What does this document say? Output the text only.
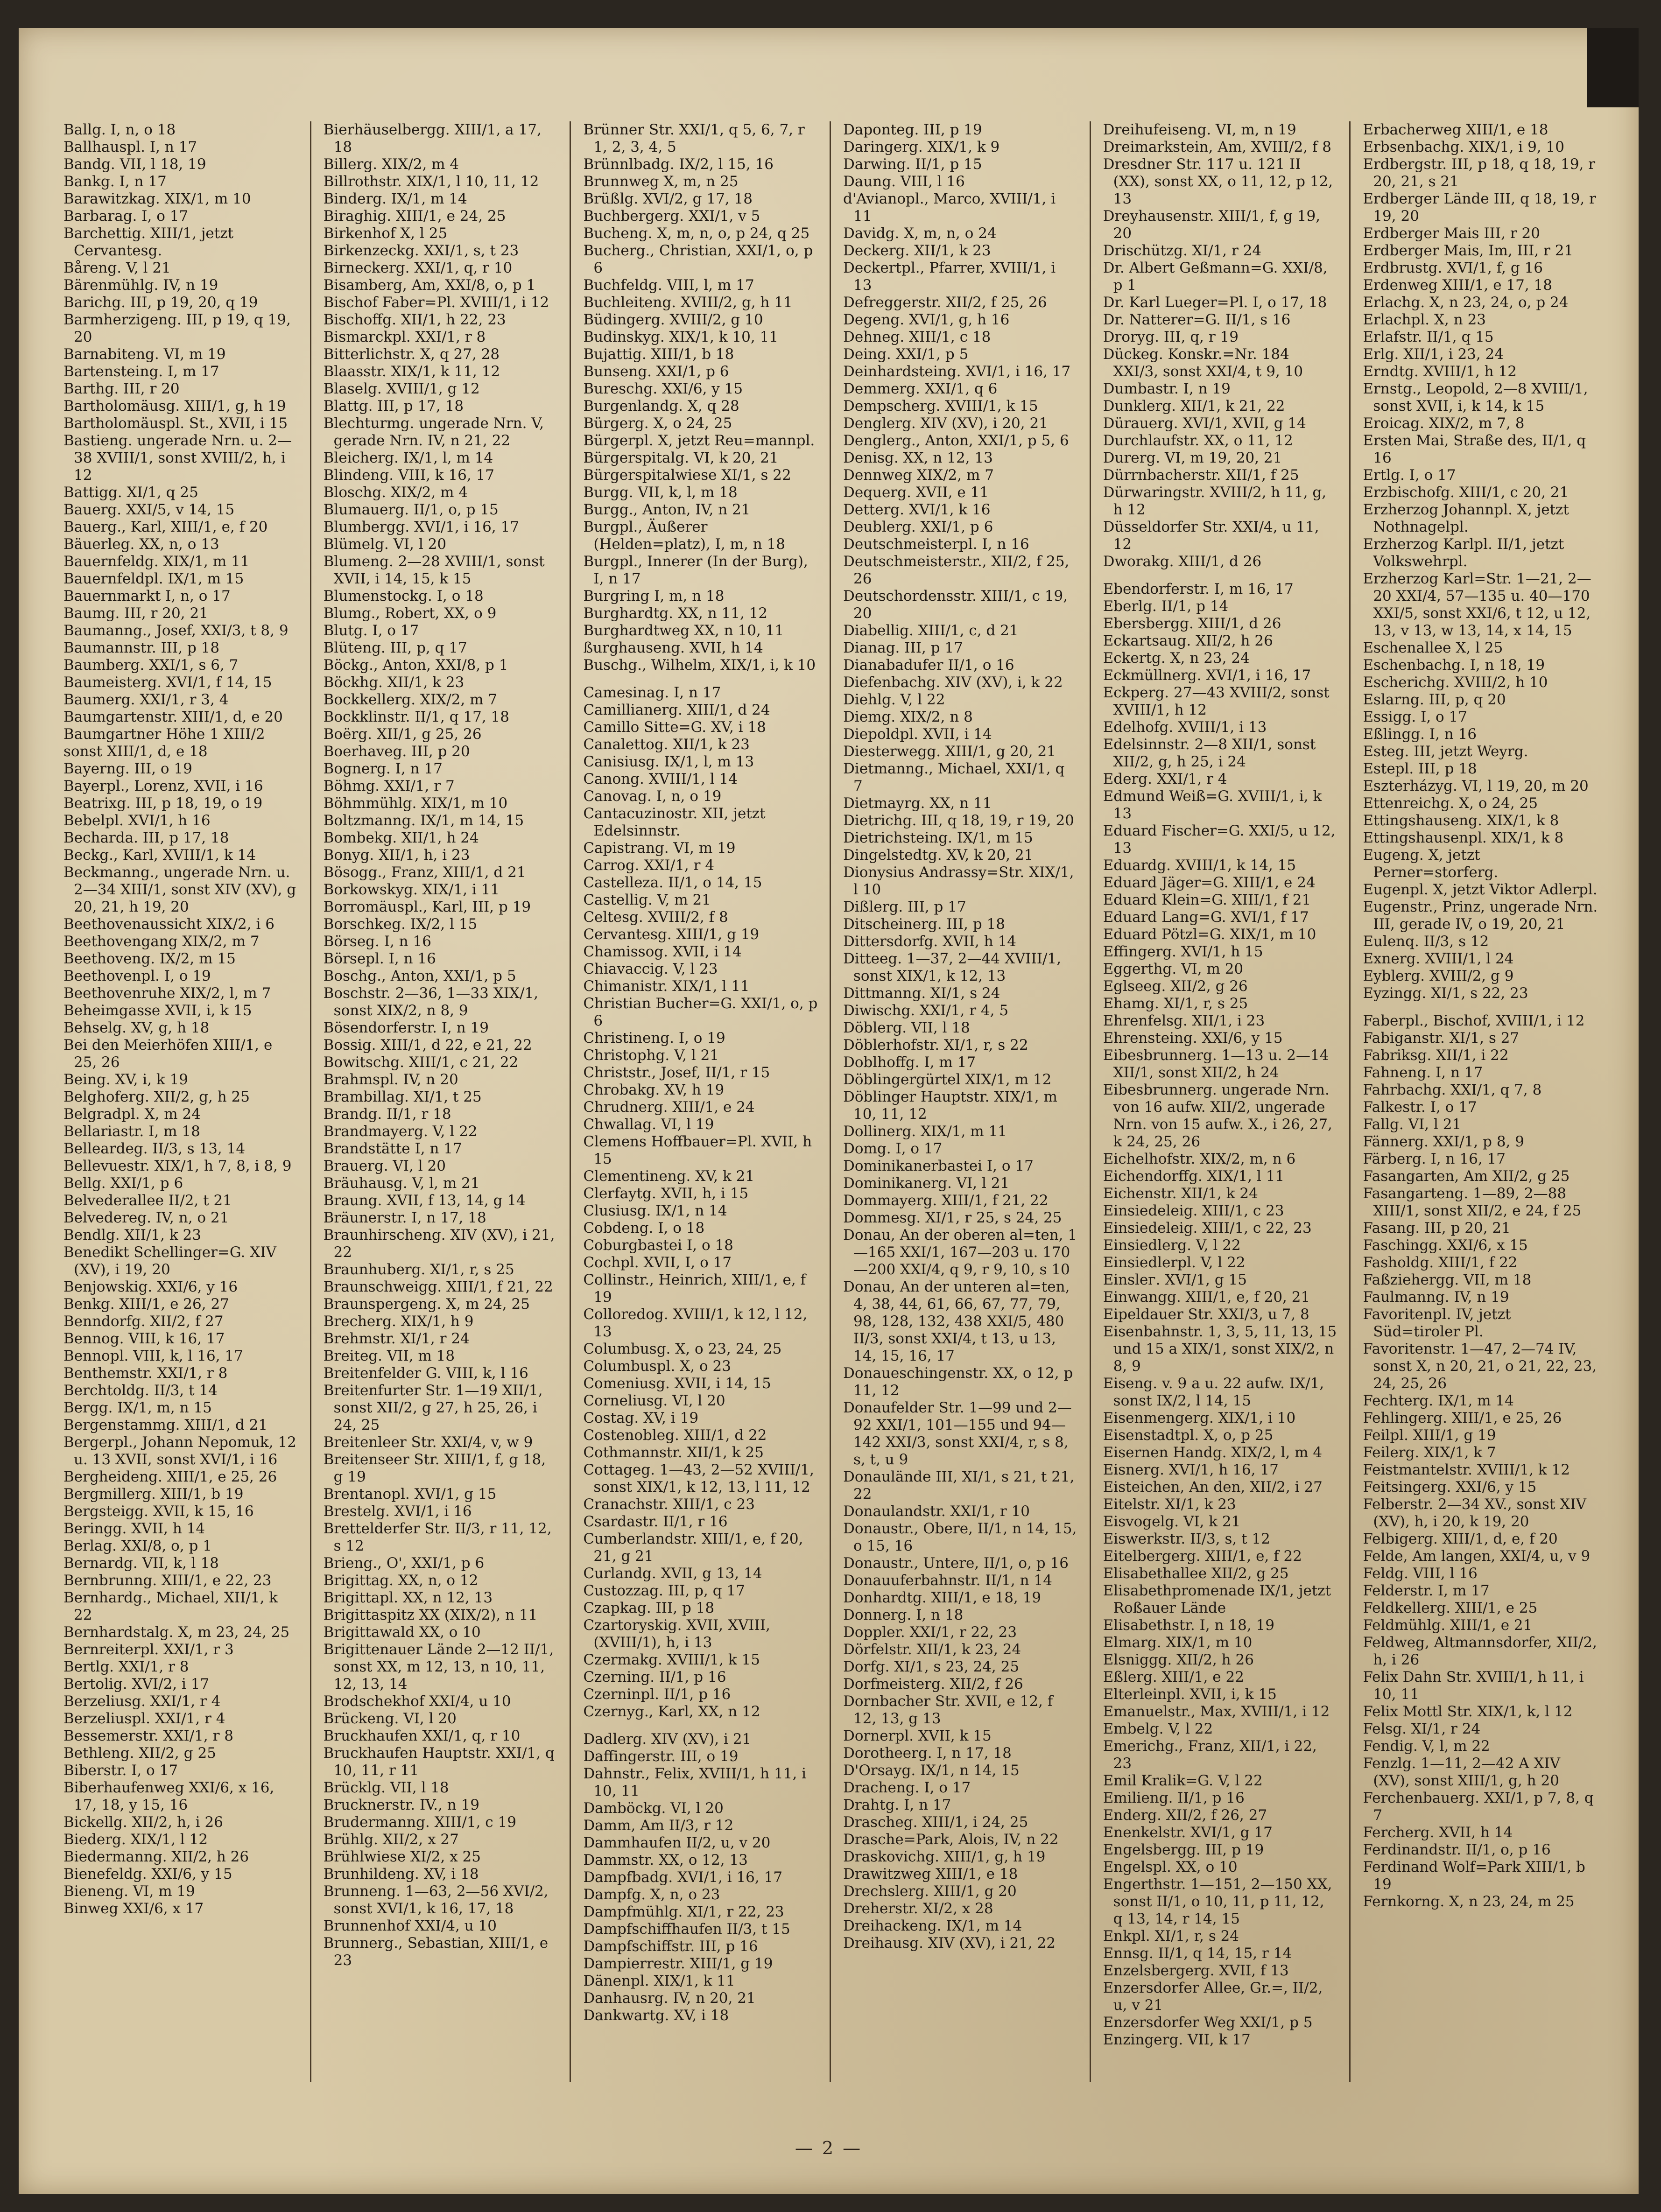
Ballg. I, n, o 18
Ballhauspl. I, n 17
Bandg. VII, l 18, 19
Bankg. I, n 17
Barawitzkag. XIX/1, m 10
Barbarag. I, o 17
Barchettig. XIII/1, jetzt Cervantesg.
Båreng. V, l 21
Bärenmühlg. IV, n 19
Barichg. III, p 19, 20, q 19
Barmherzigeng. III, p 19, q 19, 20
Barnabiteng. VI, m 19
Bartensteing. I, m 17
Barthg. III, r 20
Bartholomäusg. XIII/1, g, h 19
Bartholomäuspl. St., XVII, i 15
Bastieng. ungerade Nrn. u. 2—38 XVIII/1, sonst XVIII/2, h, i 12
Battigg. XI/1, q 25
Bauerg. XXI/5, v 14, 15
Bauerg., Karl, XIII/1, e, f 20
Bäuerleg. XX, n, o 13
Bauernfeldg. XIX/1, m 11
Bauernfeldpl. IX/1, m 15
Bauernmarkt I, n, o 17
Baumg. III, r 20, 21
Baumanng., Josef, XXI/3, t 8, 9
Baumannstr. III, p 18
Baumberg. XXI/1, s 6, 7
Baumeisterg. XVI/1, f 14, 15
Baumerg. XXI/1, r 3, 4
Baumgartenstr. XIII/1, d, e 20
Baumgartner Höhe 1 XIII/2
sonst XIII/1, d, e 18
Bayerng. III, o 19
Bayerpl., Lorenz, XVII, i 16
Beatrixg. III, p 18, 19, o 19
Bebelpl. XVI/1, h 16
Becharda. III, p 17, 18
Beckg., Karl, XVIII/1, k 14
Beckmanng., ungerade Nrn. u. 2—34 XIII/1, sonst XIV (XV), g 20, 21, h 19, 20
Beethovenaussicht XIX/2, i 6
Beethovengang XIX/2, m 7
Beethoveng. IX/2, m 15
Beethovenpl. I, o 19
Beethovenruhe XIX/2, l, m 7
Beheimgasse XVII, i, k 15
Behselg. XV, g, h 18
Bei den Meierhöfen XIII/1, e 25, 26
Being. XV, i, k 19
Belghoferg. XII/2, g, h 25
Belgradpl. X, m 24
Bellariastr. I, m 18
Belleardeg. II/3, s 13, 14
Bellevuestr. XIX/1, h 7, 8, i 8, 9
Bellg. XXI/1, p 6
Belvederallee II/2, t 21
Belvedereg. IV, n, o 21
Bendlg. XII/1, k 23
Benedikt Schellinger=G. XIV (XV), i 19, 20
Benjowskig. XXI/6, y 16
Benkg. XIII/1, e 26, 27
Benndorfg. XII/2, f 27
Bennog. VIII, k 16, 17
Bennopl. VIII, k, l 16, 17
Benthemstr. XXI/1, r 8
Berchtoldg. II/3, t 14
Bergg. IX/1, m, n 15
Bergenstammg. XIII/1, d 21
Bergerpl., Johann Nepomuk, 12 u. 13 XVII, sonst XVI/1, i 16
Bergheideng. XIII/1, e 25, 26
Bergmillerg. XIII/1, b 19
Bergsteigg. XVII, k 15, 16
Beringg. XVII, h 14
Berlag. XXI/8, o, p 1
Bernardg. VII, k, l 18
Bernbrunng. XIII/1, e 22, 23
Bernhardg., Michael, XII/1, k 22
Bernhardstalg. X, m 23, 24, 25
Bernreiterpl. XXI/1, r 3
Bertlg. XXI/1, r 8
Bertolig. XVI/2, i 17
Berzeliusg. XXI/1, r 4
Berzeliuspl. XXI/1, r 4
Bessemerstr. XXI/1, r 8
Bethleng. XII/2, g 25
Biberstr. I, o 17
Biberhaufenweg XXI/6, x 16, 17, 18, y 15, 16
Bickellg. XII/2, h, i 26
Biederg. XIX/1, l 12
Biedermanng. XII/2, h 26
Bienefeldg. XXI/6, y 15
Bieneng. VI, m 19
Binweg XXI/6, x 17
Bierhäuselbergg. XIII/1, a 17, 18
Billerg. XIX/2, m 4
Billrothstr. XIX/1, l 10, 11, 12
Binderg. IX/1, m 14
Biraghig. XIII/1, e 24, 25
Birkenhof X, l 25
Birkenzeckg. XXI/1, s, t 23
Birneckerg. XXI/1, q, r 10
Bisamberg, Am, XXI/8, o, p 1
Bischof Faber=Pl. XVIII/1, i 12
Bischoffg. XII/1, h 22, 23
Bismarckpl. XXI/1, r 8
Bitterlichstr. X, q 27, 28
Blaasstr. XIX/1, k 11, 12
Blaselg. XVIII/1, g 12
Blattg. III, p 17, 18
Blechturmg. ungerade Nrn. V, gerade Nrn. IV, n 21, 22
Bleicherg. IX/1, l, m 14
Blindeng. VIII, k 16, 17
Bloschg. XIX/2, m 4
Blumauerg. II/1, o, p 15
Blumbergg. XVI/1, i 16, 17
Blümelg. VI, l 20
Blumeng. 2—28 XVIII/1, sonst XVII, i 14, 15, k 15
Blumenstockg. I, o 18
Blumg., Robert, XX, o 9
Blutg. I, o 17
Blüteng. III, p, q 17
Böckg., Anton, XXI/8, p 1
Böckhg. XII/1, k 23
Bockkellerg. XIX/2, m 7
Bockklinstr. II/1, q 17, 18
Boërg. XII/1, g 25, 26
Boerhaveg. III, p 20
Bognerg. I, n 17
Böhmg. XXI/1, r 7
Böhmmühlg. XIX/1, m 10
Boltzmanng. IX/1, m 14, 15
Bombekg. XII/1, h 24
Bonyg. XII/1, h, i 23
Bösogg., Franz, XIII/1, d 21
Borkowskyg. XIX/1, i 11
Borromäuspl., Karl, III, p 19
Borschkeg. IX/2, l 15
Börseg. I, n 16
Börsepl. I, n 16
Boschg., Anton, XXI/1, p 5
Boschstr. 2—36, 1—33 XIX/1, sonst XIX/2, n 8, 9
Bösendorferstr. I, n 19
Bossig. XIII/1, d 22, e 21, 22
Bowitschg. XIII/1, c 21, 22
Brahmspl. IV, n 20
Brambillag. XI/1, t 25
Brandg. II/1, r 18
Brandmayerg. V, l 22
Brandstätte I, n 17
Brauerg. VI, l 20
Bräuhausg. V, l, m 21
Braung. XVII, f 13, 14, g 14
Bräunerstr. I, n 17, 18
Braunhirscheng. XIV (XV), i 21, 22
Braunhuberg. XI/1, r, s 25
Braunschweigg. XIII/1, f 21, 22
Braunspergeng. X, m 24, 25
Brecherg. XIX/1, h 9
Brehmstr. XI/1, r 24
Breiteg. VII, m 18
Breitenfelder G. VIII, k, l 16
Breitenfurter Str. 1—19 XII/1, sonst XII/2, g 27, h 25, 26, i 24, 25
Breitenleer Str. XXI/4, v, w 9
Breitenseer Str. XIII/1, f, g 18, g 19
Brentanopl. XVI/1, g 15
Brestelg. XVI/1, i 16
Brettelderfer Str. II/3, r 11, 12, s 12
Brieng., O', XXI/1, p 6
Brigittag. XX, n, o 12
Brigittapl. XX, n 12, 13
Brigittaspitz XX (XIX/2), n 11
Brigittawald XX, o 10
Brigittenauer Lände 2—12 II/1, sonst XX, m 12, 13, n 10, 11, 12, 13, 14
Brodschekhof XXI/4, u 10
Brückeng. VI, l 20
Bruckhaufen XXI/1, q, r 10
Bruckhaufen Hauptstr. XXI/1, q 10, 11, r 11
Brücklg. VII, l 18
Brucknerstr. IV., n 19
Brudermanng. XIII/1, c 19
Brühlg. XII/2, x 27
Brühlwiese XI/2, x 25
Brunhildeng. XV, i 18
Brunneng. 1—63, 2—56 XVI/2, sonst XVI/1, k 16, 17, 18
Brunnenhof XXI/4, u 10
Brunnerg., Sebastian, XIII/1, e 23
Brünner Str. XXI/1, q 5, 6, 7, r 1, 2, 3, 4, 5
Brünnlbadg. IX/2, l 15, 16
Brunnweg X, m, n 25
Brüßlg. XVI/2, g 17, 18
Buchbergerg. XXI/1, v 5
Bucheng. X, m, n, o, p 24, q 25
Bucherg., Christian, XXI/1, o, p 6
Buchfeldg. VIII, l, m 17
Buchleiteng. XVIII/2, g, h 11
Büdingerg. XVIII/2, g 10
Budinskyg. XIX/1, k 10, 11
Bujattig. XIII/1, b 18
Bunseng. XXI/1, p 6
Bureschg. XXI/6, y 15
Burgenlandg. X, q 28
Bürgerg. X, o 24, 25
Bürgerpl. X, jetzt Reu=mannpl.
Bürgerspitalg. VI, k 20, 21
Bürgerspitalwiese XI/1, s 22
Burgg. VII, k, l, m 18
Burgg., Anton, IV, n 21
Burgpl., Äußerer (Helden=platz), I, m, n 18
Burgpl., Innerer (In der Burg), I, n 17
Burgring I, m, n 18
Burghardtg. XX, n 11, 12
Burghardtweg XX, n 10, 11
ßurghauseng. XVII, h 14
Buschg., Wilhelm, XIX/1, i, k 10
Camesinag. I, n 17
Camillianerg. XIII/1, d 24
Camillo Sitte=G. XV, i 18
Canalettog. XII/1, k 23
Canisiusg. IX/1, l, m 13
Canong. XVIII/1, l 14
Canovag. I, n, o 19
Cantacuzinostr. XII, jetzt Edelsinnstr.
Capistrang. VI, m 19
Carrog. XXI/1, r 4
Castelleza. II/1, o 14, 15
Castellig. V, m 21
Celtesg. XVIII/2, f 8
Cervantesg. XIII/1, g 19
Chamissog. XVII, i 14
Chiavaccig. V, l 23
Chimanistr. XIX/1, l 11
Christian Bucher=G. XXI/1, o, p 6
Christineng. I, o 19
Christophg. V, l 21
Christstr., Josef, II/1, r 15
Chrobakg. XV, h 19
Chrudnerg. XIII/1, e 24
Chwallag. VI, l 19
Clemens Hoffbauer=Pl. XVII, h 15
Clementineng. XV, k 21
Clerfaytg. XVII, h, i 15
Clusiusg. IX/1, n 14
Cobdeng. I, o 18
Coburgbastei I, o 18
Cochpl. XVII, I, o 17
Collinstr., Heinrich, XIII/1, e, f 19
Colloredog. XVIII/1, k 12, l 12, 13
Columbusg. X, o 23, 24, 25
Columbuspl. X, o 23
Comeniusg. XVII, i 14, 15
Corneliusg. VI, l 20
Costag. XV, i 19
Costenobleg. XIII/1, d 22
Cothmannstr. XII/1, k 25
Cottageg. 1—43, 2—52 XVIII/1, sonst XIX/1, k 12, 13, l 11, 12
Cranachstr. XIII/1, c 23
Csardastr. II/1, r 16
Cumberlandstr. XIII/1, e, f 20, 21, g 21
Curlandg. XVII, g 13, 14
Custozzag. III, p, q 17
Czapkag. III, p 18
Czartoryskig. XVII, XVIII, (XVIII/1), h, i 13
Czermakg. XVIII/1, k 15
Czerning. II/1, p 16
Czerninpl. II/1, p 16
Czernyg., Karl, XX, n 12
Dadlerg. XIV (XV), i 21
Daffingerstr. III, o 19
Dahnstr., Felix, XVIII/1, h 11, i 10, 11
Damböckg. VI, l 20
Damm, Am II/3, r 12
Dammhaufen II/2, u, v 20
Dammstr. XX, o 12, 13
Dampfbadg. XVI/1, i 16, 17
Dampfg. X, n, o 23
Dampfmühlg. XI/1, r 22, 23
Dampfschiffhaufen II/3, t 15
Dampfschiffstr. III, p 16
Dampierrestr. XIII/1, g 19
Dänenpl. XIX/1, k 11
Danhausrg. IV, n 20, 21
Dankwartg. XV, i 18
Daponteg. III, p 19
Daringerg. XIX/1, k 9
Darwing. II/1, p 15
Daung. VIII, l 16
d'Avianopl., Marco, XVIII/1, i 11
Davidg. X, m, n, o 24
Deckerg. XII/1, k 23
Deckertpl., Pfarrer, XVIII/1, i 13
Defreggerstr. XII/2, f 25, 26
Degeng. XVI/1, g, h 16
Dehneg. XIII/1, c 18
Deing. XXI/1, p 5
Deinhardsteing. XVI/1, i 16, 17
Demmerg. XXI/1, q 6
Dempscherg. XVIII/1, k 15
Denglerg. XIV (XV), i 20, 21
Denglerg., Anton, XXI/1, p 5, 6
Denisg. XX, n 12, 13
Dennweg XIX/2, m 7
Dequerg. XVII, e 11
Detterg. XVI/1, k 16
Deublerg. XXI/1, p 6
Deutschmeisterpl. I, n 16
Deutschmeisterstr., XII/2, f 25, 26
Deutschordensstr. XIII/1, c 19, 20
Diabellig. XIII/1, c, d 21
Dianag. III, p 17
Dianabadufer II/1, o 16
Diefenbachg. XIV (XV), i, k 22
Diehlg. V, l 22
Diemg. XIX/2, n 8
Diepoldpl. XVII, i 14
Diesterwegg. XIII/1, g 20, 21
Dietmanng., Michael, XXI/1, q 7
Dietmayrg. XX, n 11
Dietrichg. III, q 18, 19, r 19, 20
Dietrichsteing. IX/1, m 15
Dingelstedtg. XV, k 20, 21
Dionysius Andrassy=Str. XIX/1, l 10
Dißlerg. III, p 17
Ditscheinerg. III, p 18
Dittersdorfg. XVII, h 14
Ditteeg. 1—37, 2—44 XVIII/1, sonst XIX/1, k 12, 13
Dittmanng. XI/1, s 24
Diwischg. XXI/1, r 4, 5
Döblerg. VII, l 18
Döblerhofstr. XI/1, r, s 22
Doblhoffg. I, m 17
Döblingergürtel XIX/1, m 12
Döblinger Hauptstr. XIX/1, m 10, 11, 12
Dollinerg. XIX/1, m 11
Domg. I, o 17
Dominikanerbastei I, o 17
Dominikanerg. VI, l 21
Dommayerg. XIII/1, f 21, 22
Dommesg. XI/1, r 25, s 24, 25
Donau, An der oberen al=ten, 1—165 XXI/1, 167—203 u. 170—200 XXI/4, q 9, r 9, 10, s 10
Donau, An der unteren al=ten, 4, 38, 44, 61, 66, 67, 77, 79, 98, 128, 132, 438 XXI/5, 480 II/3, sonst XXI/4, t 13, u 13, 14, 15, 16, 17
Donaueschingenstr. XX, o 12, p 11, 12
Donaufelder Str. 1—99 und 2—92 XXI/1, 101—155 und 94—142 XXI/3, sonst XXI/4, r, s 8, s, t, u 9
Donaulände III, XI/1, s 21, t 21, 22
Donaulandstr. XXI/1, r 10
Donaustr., Obere, II/1, n 14, 15, o 15, 16
Donaustr., Untere, II/1, o, p 16
Donauuferbahnstr. II/1, n 14
Donhardtg. XIII/1, e 18, 19
Donnerg. I, n 18
Doppler. XXI/1, r 22, 23
Dörfelstr. XII/1, k 23, 24
Dorfg. XI/1, s 23, 24, 25
Dorfmeisterg. XII/2, f 26
Dornbacher Str. XVII, e 12, f 12, 13, g 13
Dornerpl. XVII, k 15
Dorotheerg. I, n 17, 18
D'Orsayg. IX/1, n 14, 15
Dracheng. I, o 17
Drahtg. I, n 17
Draschеg. XIII/1, i 24, 25
Drasche=Park, Alois, IV, n 22
Draskovichg. XIII/1, g, h 19
Drawitzweg XIII/1, e 18
Drechslerg. XIII/1, g 20
Dreherstr. XI/2, x 28
Dreihackeng. IX/1, m 14
Dreihausg. XIV (XV), i 21, 22
Dreihufeiseng. VI, m, n 19
Dreimarkstein, Am, XVIII/2, f 8
Dresdner Str. 117 u. 121 II (XX), sonst XX, o 11, 12, p 12, 13
Dreyhausenstr. XIII/1, f, g 19, 20
Drischützg. XI/1, r 24
Dr. Albert Geßmann=G. XXI/8, p 1
Dr. Karl Lueger=Pl. I, o 17, 18
Dr. Natterer=G. II/1, s 16
Droryg. III, q, r 19
Dückeg. Konskr.=Nr. 184 XXI/3, sonst XXI/4, t 9, 10
Dumbastr. I, n 19
Dunklerg. XII/1, k 21, 22
Dürauerg. XVI/1, XVII, g 14
Durchlaufstr. XX, o 11, 12
Durerg. VI, m 19, 20, 21
Dürrnbacherstr. XII/1, f 25
Dürwaringstr. XVIII/2, h 11, g, h 12
Düsseldorfer Str. XXI/4, u 11, 12
Dworakg. XIII/1, d 26
Ebendorferstr. I, m 16, 17
Eberlg. II/1, p 14
Ebersbergg. XIII/1, d 26
Eckartsaug. XII/2, h 26
Eckertg. X, n 23, 24
Eckmüllnerg. XVI/1, i 16, 17
Eckperg. 27—43 XVIII/2, sonst XVIII/1, h 12
Edelhofg. XVIII/1, i 13
Edelsinnstr. 2—8 XII/1, sonst XII/2, g, h 25, i 24
Ederg. XXI/1, r 4
Edmund Weiß=G. XVIII/1, i, k 13
Eduard Fischer=G. XXI/5, u 12, 13
Eduardg. XVIII/1, k 14, 15
Eduard Jäger=G. XIII/1, e 24
Eduard Klein=G. XIII/1, f 21
Eduard Lang=G. XVI/1, f 17
Eduard Pötzl=G. XIX/1, m 10
Effingerg. XVI/1, h 15
Eggerthg. VI, m 20
Eglseeg. XII/2, g 26
Ehamg. XI/1, r, s 25
Ehrenfelsg. XII/1, i 23
Ehrensteing. XXI/6, y 15
Eibesbrunnerg. 1—13 u. 2—14 XII/1, sonst XII/2, h 24
Eibesbrunnerg. ungerade Nrn. von 16 aufw. XII/2, ungerade Nrn. von 15 aufw. X., i 26, 27, k 24, 25, 26
Eichelhofstr. XIX/2, m, n 6
Eichendorffg. XIX/1, l 11
Eichenstr. XII/1, k 24
Einsiedeleig. XIII/1, c 23
Einsiedeleig. XIII/1, c 22, 23
Einsiedlerg. V, l 22
Einsiedlerpl. V, l 22
Einslег. XVI/1, g 15
Einwangg. XIII/1, e, f 20, 21
Eipeldauer Str. XXI/3, u 7, 8
Eisenbahnstr. 1, 3, 5, 11, 13, 15 und 15 a XIX/1, sonst XIX/2, n 8, 9
Eiseng. v. 9 a u. 22 aufw. IX/1, sonst IX/2, l 14, 15
Eisenmengerg. XIX/1, i 10
Eisenstadtpl. X, o, p 25
Eisernen Handg. XIX/2, l, m 4
Eisnerg. XVI/1, h 16, 17
Eisteichen, An den, XII/2, i 27
Eitelstr. XI/1, k 23
Eisvogelg. VI, k 21
Eiswerkstr. II/3, s, t 12
Eitelbergerg. XIII/1, e, f 22
Elisabethallee XII/2, g 25
Elisabethpromenade IX/1, jetzt Roßauer Lände
Elisabethstr. I, n 18, 19
Elmarg. XIX/1, m 10
Elsniggg. XII/2, h 26
Eßlerg. XIII/1, e 22
Elterleinpl. XVII, i, k 15
Emanuelstr., Max, XVIII/1, i 12
Embelg. V, l 22
Emerichg., Franz, XII/1, i 22, 23
Emil Kralik=G. V, l 22
Emilieng. II/1, p 16
Enderg. XII/2, f 26, 27
Enenkelstr. XVI/1, g 17
Engelsbergg. III, p 19
Engelspl. XX, o 10
Engerthstr. 1—151, 2—150 XX, sonst II/1, o 10, 11, p 11, 12, q 13, 14, r 14, 15
Enkpl. XI/1, r, s 24
Ennsg. II/1, q 14, 15, r 14
Enzelsbergerg. XVII, f 13
Enzersdorfer Allee, Gr.=, II/2, u, v 21
Enzersdorfer Weg XXI/1, p 5
Enzingerg. VII, k 17
Erbacherweg XIII/1, e 18
Erbsenbachg. XIX/1, i 9, 10
Erdbergstr. III, p 18, q 18, 19, r 20, 21, s 21
Erdberger Lände III, q 18, 19, r 19, 20
Erdberger Mais III, r 20
Erdberger Mais, Im, III, r 21
Erdbrustg. XVI/1, f, g 16
Erdenweg XIII/1, e 17, 18
Erlachg. X, n 23, 24, o, p 24
Erlachpl. X, n 23
Erlafstr. II/1, q 15
Erlg. XII/1, i 23, 24
Erndtg. XVIII/1, h 12
Ernstg., Leopold, 2—8 XVIII/1, sonst XVII, i, k 14, k 15
Eroicag. XIX/2, m 7, 8
Ersten Mai, Straße des, II/1, q 16
Ertlg. I, o 17
Erzbischofg. XIII/1, c 20, 21
Erzherzog Johannpl. X, jetzt Nothnagelpl.
Erzherzog Karlpl. II/1, jetzt Volkswehrpl.
Erzherzog Karl=Str. 1—21, 2—20 XXI/4, 57—135 u. 40—170 XXI/5, sonst XXI/6, t 12, u 12, 13, v 13, w 13, 14, x 14, 15
Eschenallee X, l 25
Eschenbachg. I, n 18, 19
Escherichg. XVIII/2, h 10
Eslarng. III, p, q 20
Essigg. I, o 17
Eßlingg. I, n 16
Esteg. III, jetzt Weyrg.
Estepl. III, p 18
Eszterházyg. VI, l 19, 20, m 20
Ettenreichg. X, o 24, 25
Ettingshauseng. XIX/1, k 8
Ettingshausenpl. XIX/1, k 8
Eugeng. X, jetzt Perner=storferg.
Eugenpl. X, jetzt Viktor Adlerpl.
Eugenstr., Prinz, ungerade Nrn. III, gerade IV, o 19, 20, 21
Eulenq. II/3, s 12
Exnerg. XVIII/1, l 24
Eyblerg. XVIII/2, g 9
Eyzingg. XI/1, s 22, 23
Faberpl., Bischof, XVIII/1, i 12
Fabiganstr. XI/1, s 27
Fabriksg. XII/1, i 22
Fahneng. I, n 17
Fahrbachg. XXI/1, q 7, 8
Falkestr. I, o 17
Fallg. VI, l 21
Fännerg. XXI/1, p 8, 9
Färberg. I, n 16, 17
Fasangarten, Am XII/2, g 25
Fasangarteng. 1—89, 2—88 XIII/1, sonst XII/2, e 24, f 25
Fasang. III, p 20, 21
Faschingg. XXI/6, x 15
Fasholdg. XIII/1, f 22
Faßziehergg. VII, m 18
Faulmanng. IV, n 19
Favoritenpl. IV, jetzt Süd=tiroler Pl.
Favoritenstr. 1—47, 2—74 IV, sonst X, n 20, 21, o 21, 22, 23, 24, 25, 26
Fechterg. IX/1, m 14
Fehlingerg. XIII/1, e 25, 26
Feilpl. XIII/1, g 19
Feilerg. XIX/1, k 7
Feistmantelstr. XVIII/1, k 12
Feitsingerg. XXI/6, y 15
Felberstr. 2—34 XV., sonst XIV (XV), h, i 20, k 19, 20
Felbigerg. XIII/1, d, e, f 20
Felde, Am langen, XXI/4, u, v 9
Feldg. VIII, l 16
Felderstr. I, m 17
Feldkellerg. XIII/1, e 25
Feldmühlg. XIII/1, e 21
Feldweg, Altmannsdorfer, XII/2, h, i 26
Felix Dahn Str. XVIII/1, h 11, i 10, 11
Felix Mottl Str. XIX/1, k, l 12
Felsg. XI/1, r 24
Fendig. V, l, m 22
Fenzlg. 1—11, 2—42 A XIV (XV), sonst XIII/1, g, h 20
Ferchenbauerg. XXI/1, p 7, 8, q 7
Fercherg. XVII, h 14
Ferdinandstr. II/1, o, p 16
Ferdinand Wolf=Park XIII/1, b 19
Fernkorng. X, n 23, 24, m 25
— 2 —
